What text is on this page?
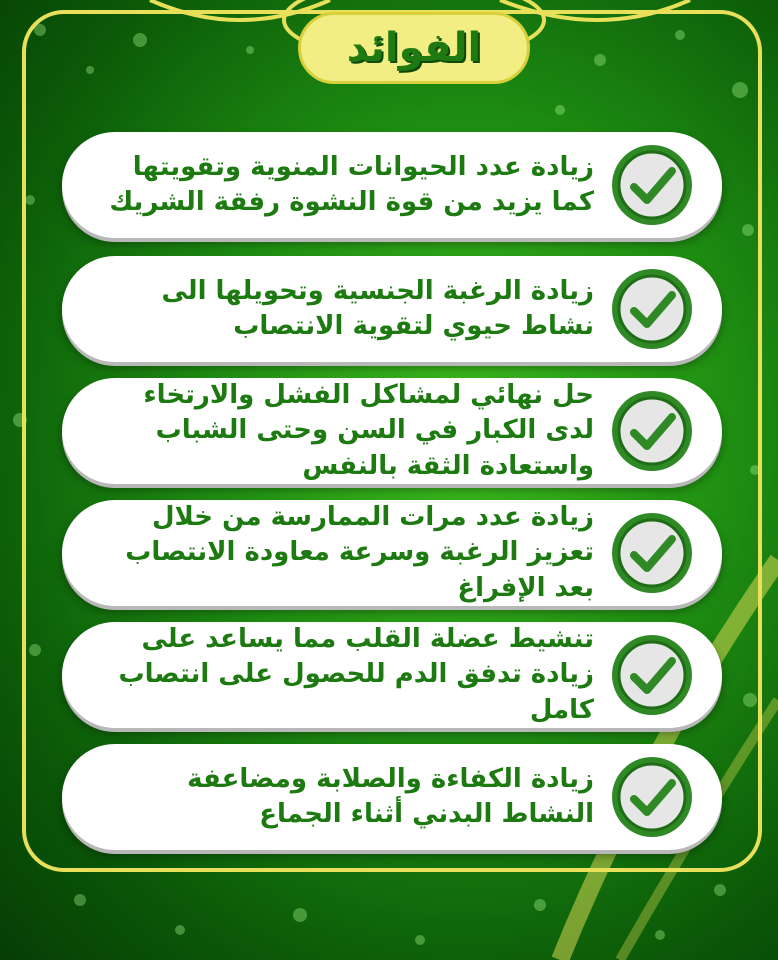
الفوائد
زيادة عدد الحيوانات المنوية وتقويتها كما يزيد من قوة النشوة رفقة الشريك
زيادة الرغبة الجنسية وتحويلها الى نشاط حيوي لتقوية الانتصاب
حل نهائي لمشاكل الفشل والارتخاء لدى الكبار في السن وحتى الشباب واستعادة الثقة بالنفس
زيادة عدد مرات الممارسة من خلال تعزيز الرغبة وسرعة معاودة الانتصاب بعد الإفراغ
تنشيط عضلة القلب مما يساعد على زيادة تدفق الدم للحصول على انتصاب كامل
زيادة الكفاءة والصلابة ومضاعفة النشاط البدني أثناء الجماع
